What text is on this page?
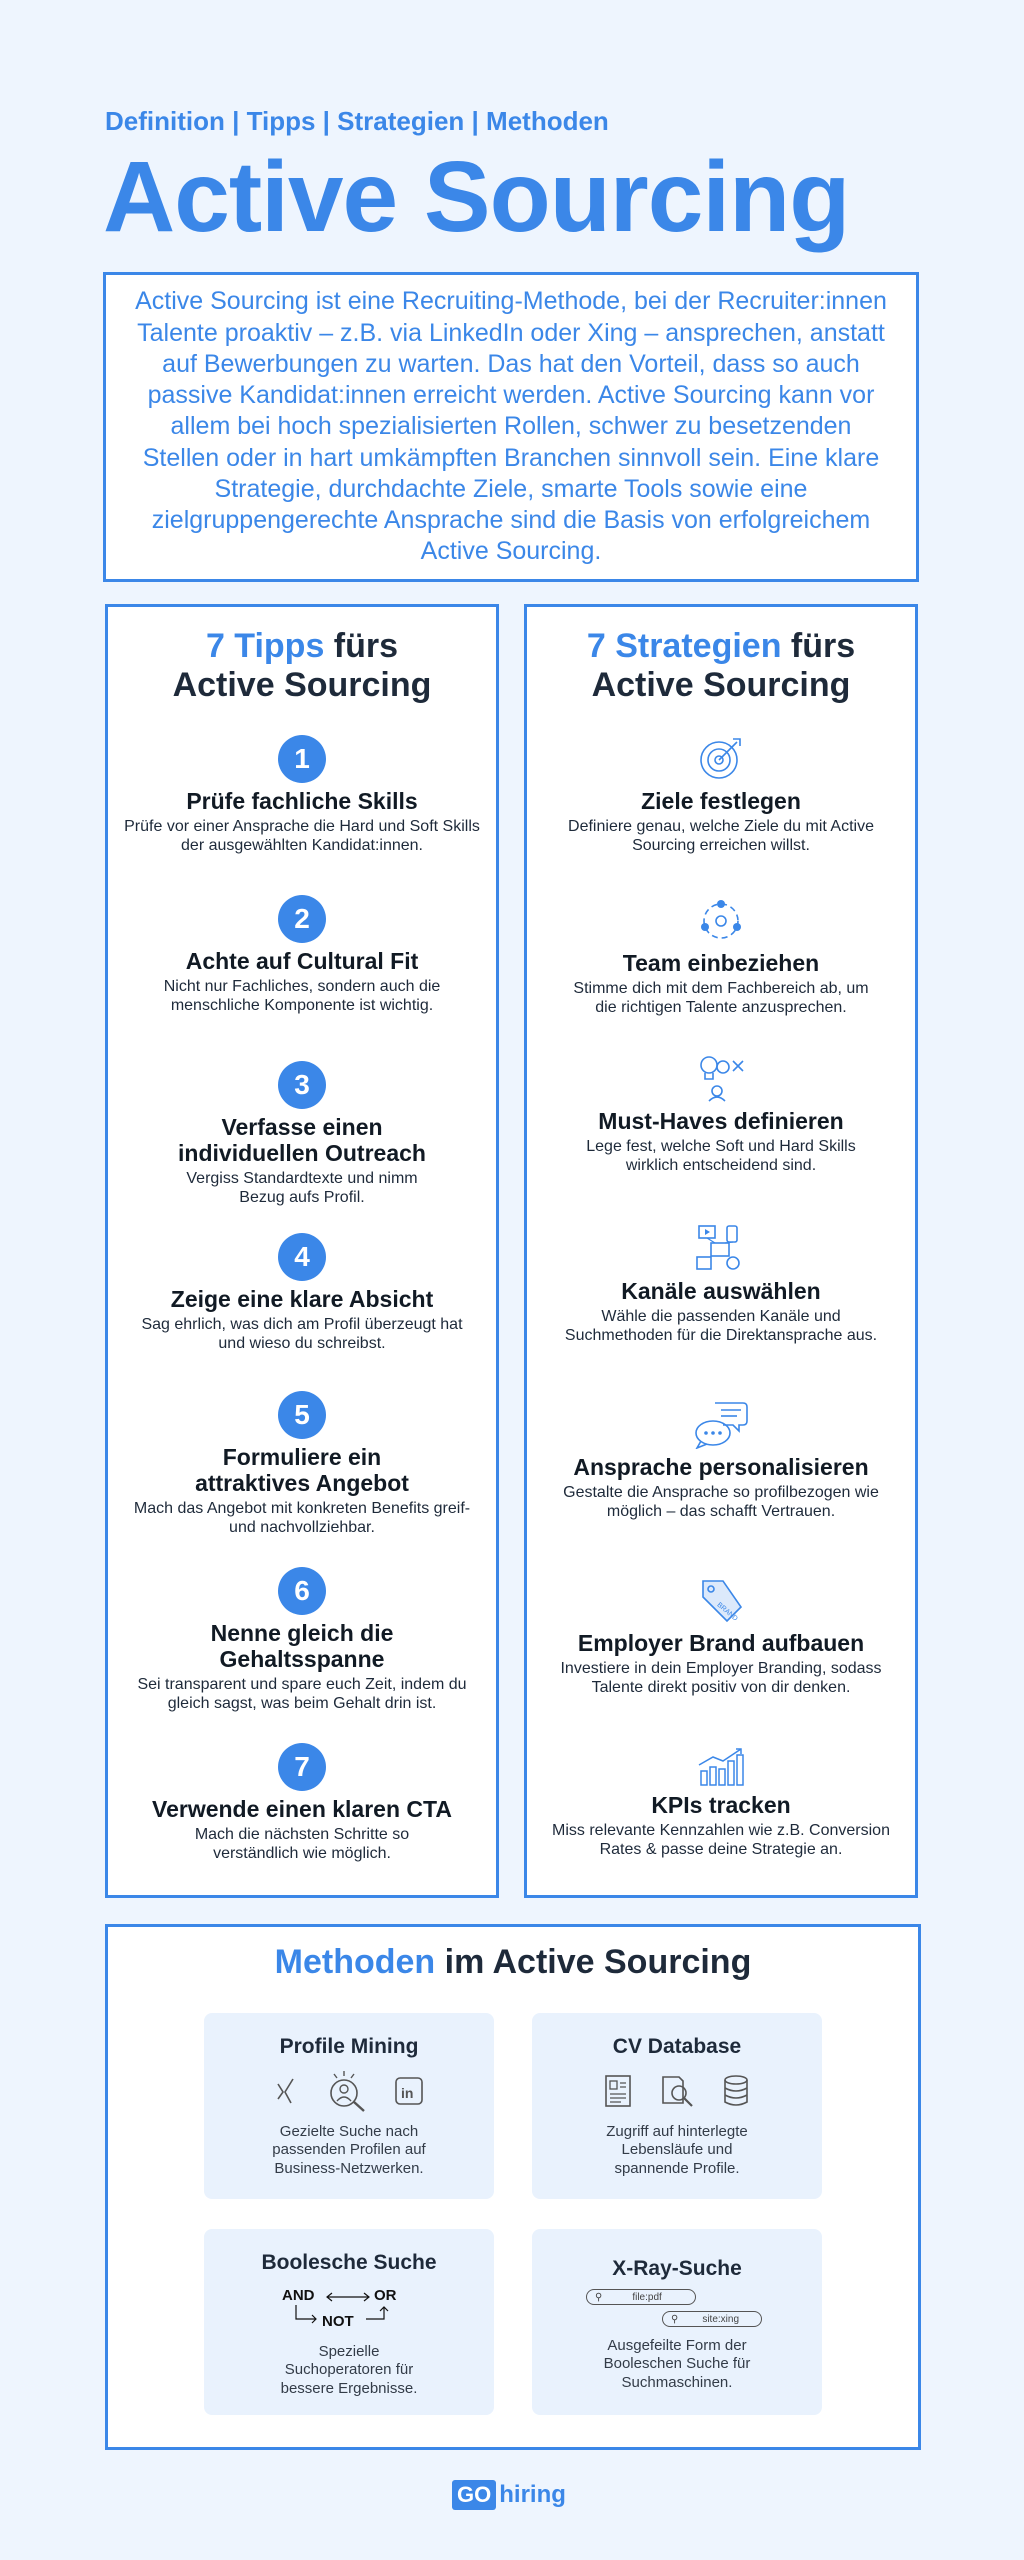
Definition | Tipps | Strategien | Methoden
Active Sourcing

Active Sourcing ist eine Recruiting-Methode, bei der Recruiter:innen Talente proaktiv – z.B. via LinkedIn oder Xing – ansprechen, anstatt auf Bewerbungen zu warten. Das hat den Vorteil, dass so auch passive Kandidat:innen erreicht werden. Active Sourcing kann vor allem bei hoch spezialisierten Rollen, schwer zu besetzenden Stellen oder in hart umkämpften Branchen sinnvoll sein. Eine klare Strategie, durchdachte Ziele, smarte Tools sowie eine zielgruppengerechte Ansprache sind die Basis von erfolgreichem Active Sourcing.

7 Tipps fürs
Active Sourcing
1
Prüfe fachliche Skills
Prüfe vor einer Ansprache die Hard und Soft Skills der ausgewählten Kandidat:innen.
2
Achte auf Cultural Fit
Nicht nur Fachliches, sondern auch die menschliche Komponente ist wichtig.
3
Verfasse einen individuellen Outreach
Vergiss Standardtexte und nimm Bezug aufs Profil.
4
Zeige eine klare Absicht
Sag ehrlich, was dich am Profil überzeugt hat und wieso du schreibst.
5
Formuliere ein attraktives Angebot
Mach das Angebot mit konkreten Benefits greif- und nachvollziehbar.
6
Nenne gleich die Gehaltsspanne
Sei transparent und spare euch Zeit, indem du gleich sagst, was beim Gehalt drin ist.
7
Verwende einen klaren CTA
Mach die nächsten Schritte so verständlich wie möglich.
7 Strategien fürs
Active Sourcing
Ziele festlegen
Definiere genau, welche Ziele du mit Active Sourcing erreichen willst.
Team einbeziehen
Stimme dich mit dem Fachbereich ab, um die richtigen Talente anzusprechen.
Must-Haves definieren
Lege fest, welche Soft und Hard Skills wirklich entscheidend sind.
Kanäle auswählen
Wähle die passenden Kanäle und Suchmethoden für die Direktansprache aus.
Ansprache personalisieren
Gestalte die Ansprache so profilbezogen wie möglich – das schafft Vertrauen.
BRAND
Employer Brand aufbauen
Investiere in dein Employer Branding, sodass Talente direkt positiv von dir denken.
KPIs tracken
Miss relevante Kennzahlen wie z.B. Conversion Rates & passe deine Strategie an.
Methoden im Active Sourcing
Profile Mining
in
Gezielte Suche nach passenden Profilen auf Business-Netzwerken.
CV Database
Zugriff auf hinterlegte Lebensläufe und spannende Profile.
Boolesche Suche
AND	OR
NOT
Spezielle Suchoperatoren für bessere Ergebnisse.
X-Ray-Suche
⚲	file:pdf
⚲ site:xing
Ausgefeilte Form der Booleschen Suche für Suchmaschinen.
GO hiring
